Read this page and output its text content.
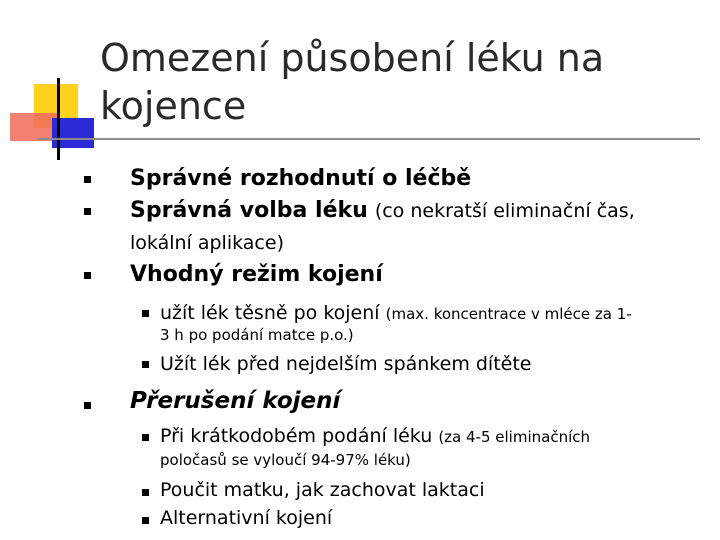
Omezení působení léku na
kojence
Správné rozhodnutí o léčbě
Správná volba léku (co nekratší eliminační čas,
lokální aplikace)
Vhodný režim kojení
užít lék těsně po kojení (max. koncentrace v mléce za 1-
3 h po podání matce p.o.)
Užít lék před nejdelším spánkem dítěte
Přerušení kojení
Při krátkodobém podání léku (za 4-5 eliminačních
poločasů se vyloučí 94-97% léku)
Poučit matku, jak zachovat laktaci
Alternativní kojení
